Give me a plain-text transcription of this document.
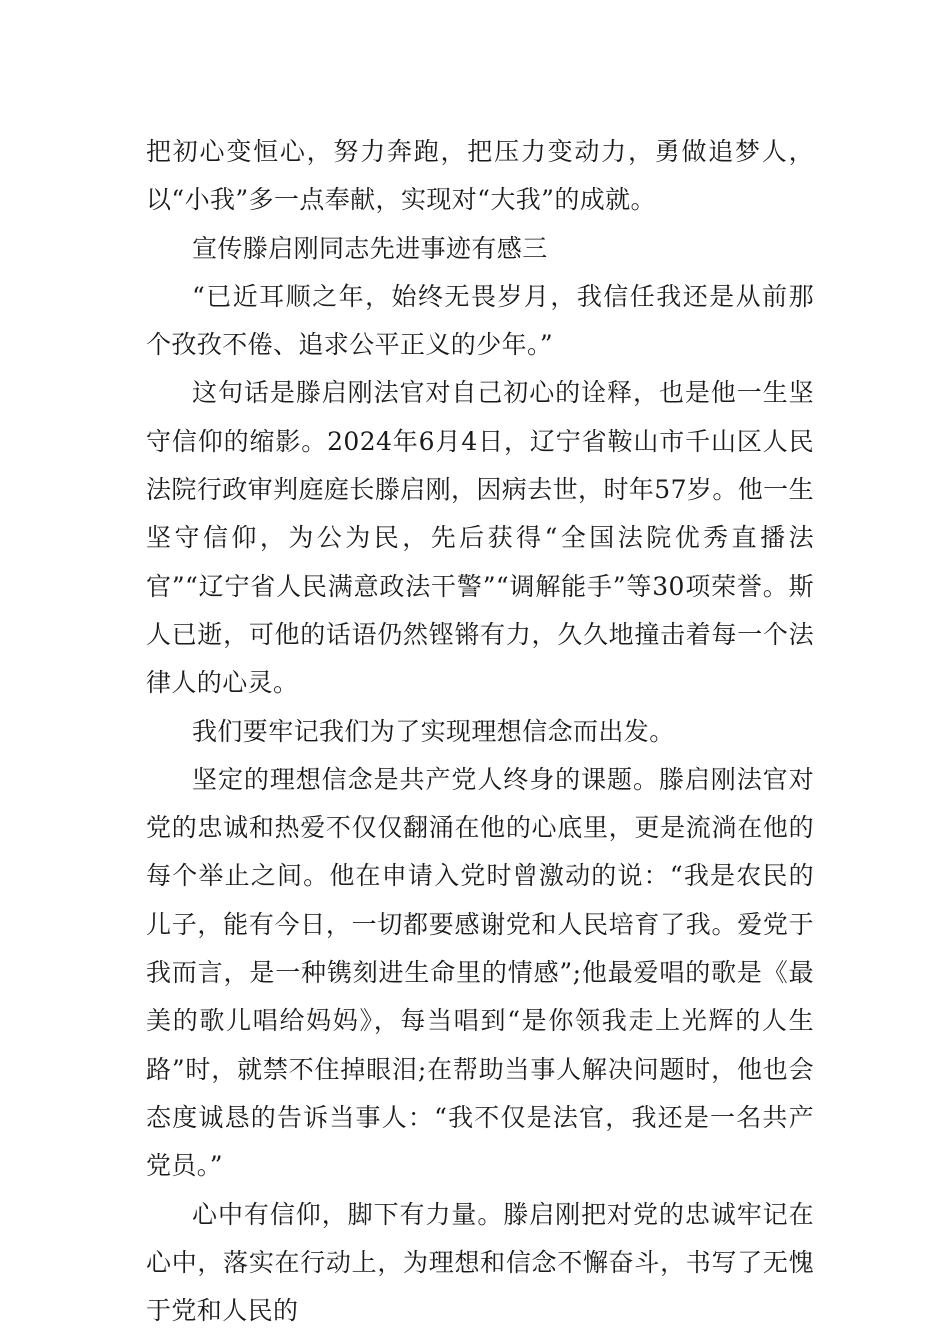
把初心变恒心，努力奔跑，把压力变动力，勇做追梦人，以“小我”多一点奉献，实现对“大我”的成就。

宣传滕启刚同志先进事迹有感三

“已近耳顺之年，始终无畏岁月，我信任我还是从前那个孜孜不倦、追求公平正义的少年。”

这句话是滕启刚法官对自己初心的诠释，也是他一生坚守信仰的缩影。2024年6月4日，辽宁省鞍山市千山区人民法院行政审判庭庭长滕启刚，因病去世，时年57岁。他一生坚守信仰，为公为民，先后获得“全国法院优秀直播法官”“辽宁省人民满意政法干警”“调解能手”等30项荣誉。斯人已逝，可他的话语仍然铿锵有力，久久地撞击着每一个法律人的心灵。

我们要牢记我们为了实现理想信念而出发。

坚定的理想信念是共产党人终身的课题。滕启刚法官对党的忠诚和热爱不仅仅翻涌在他的心底里，更是流淌在他的每个举止之间。他在申请入党时曾激动的说：“我是农民的儿子，能有今日，一切都要感谢党和人民培育了我。爱党于我而言，是一种镌刻进生命里的情感”;他最爱唱的歌是《最美的歌儿唱给妈妈》，每当唱到“是你领我走上光辉的人生路”时，就禁不住掉眼泪;在帮助当事人解决问题时，他也会态度诚恳的告诉当事人：“我不仅是法官，我还是一名共产党员。”

心中有信仰，脚下有力量。滕启刚把对党的忠诚牢记在心中，落实在行动上，为理想和信念不懈奋斗，书写了无愧于党和人民的
